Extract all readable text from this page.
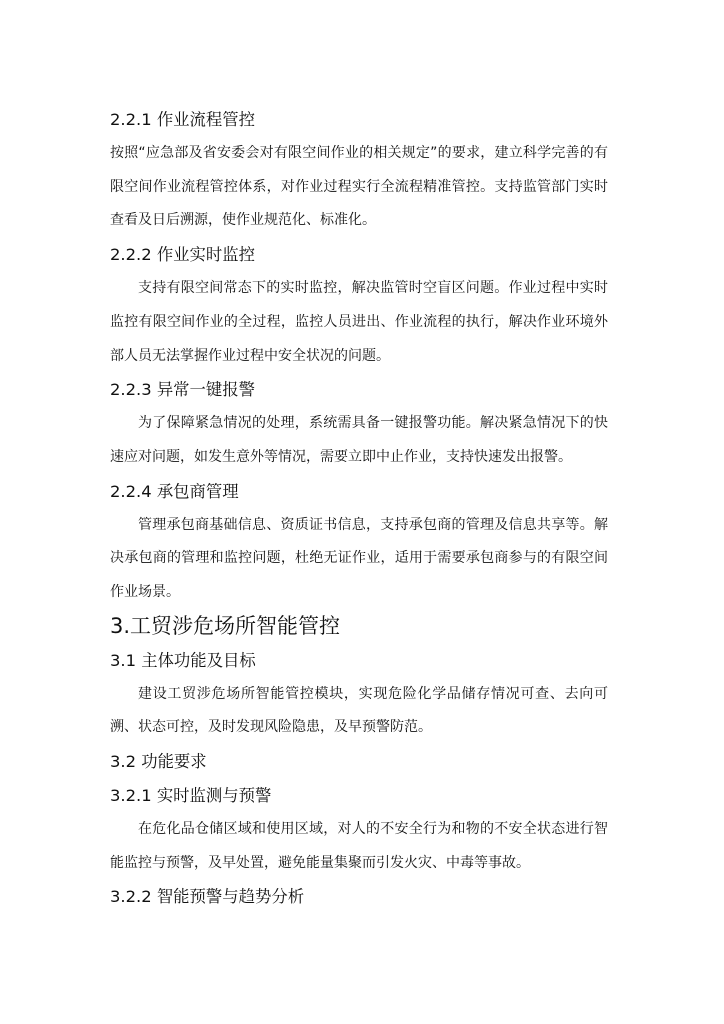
2.2.1 作业流程管控

按照“应急部及省安委会对有限空间作业的相关规定”的要求，建立科学完善的有限空间作业流程管控体系，对作业过程实行全流程精准管控。支持监管部门实时查看及日后溯源，使作业规范化、标准化。

2.2.2 作业实时监控

支持有限空间常态下的实时监控，解决监管时空盲区问题。作业过程中实时监控有限空间作业的全过程，监控人员进出、作业流程的执行，解决作业环境外部人员无法掌握作业过程中安全状况的问题。

2.2.3 异常一键报警

为了保障紧急情况的处理，系统需具备一键报警功能。解决紧急情况下的快速应对问题，如发生意外等情况，需要立即中止作业，支持快速发出报警。

2.2.4 承包商管理

管理承包商基础信息、资质证书信息，支持承包商的管理及信息共享等。解决承包商的管理和监控问题，杜绝无证作业，适用于需要承包商参与的有限空间作业场景。

3.工贸涉危场所智能管控
3.1 主体功能及目标

建设工贸涉危场所智能管控模块，实现危险化学品储存情况可查、去向可溯、状态可控，及时发现风险隐患，及早预警防范。

3.2 功能要求
3.2.1 实时监测与预警

在危化品仓储区域和使用区域，对人的不安全行为和物的不安全状态进行智能监控与预警，及早处置，避免能量集聚而引发火灾、中毒等事故。

3.2.2 智能预警与趋势分析
